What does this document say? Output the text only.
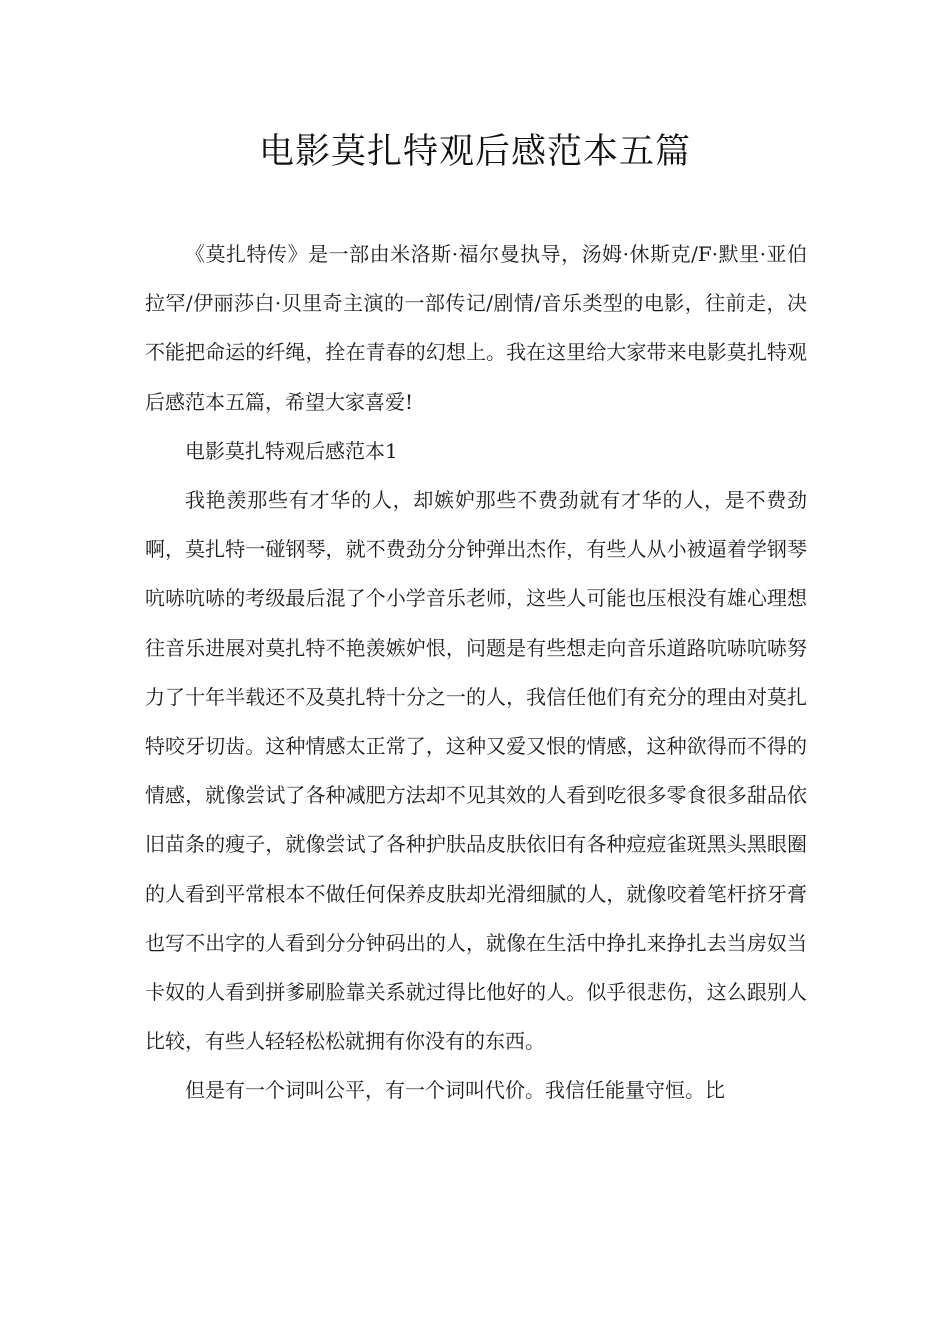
电影莫扎特观后感范本五篇

《莫扎特传》是一部由米洛斯·福尔曼执导，汤姆·休斯克/F·默里·亚伯拉罕/伊丽莎白·贝里奇主演的一部传记/剧情/音乐类型的电影，往前走，决不能把命运的纤绳，拴在青春的幻想上。我在这里给大家带来电影莫扎特观后感范本五篇，希望大家喜爱!

电影莫扎特观后感范本1

我艳羡那些有才华的人，却嫉妒那些不费劲就有才华的人，是不费劲啊，莫扎特一碰钢琴，就不费劲分分钟弹出杰作，有些人从小被逼着学钢琴吭哧吭哧的考级最后混了个小学音乐老师，这些人可能也压根没有雄心理想往音乐进展对莫扎特不艳羡嫉妒恨，问题是有些想走向音乐道路吭哧吭哧努力了十年半载还不及莫扎特十分之一的人，我信任他们有充分的理由对莫扎特咬牙切齿。这种情感太正常了，这种又爱又恨的情感，这种欲得而不得的情感，就像尝试了各种减肥方法却不见其效的人看到吃很多零食很多甜品依旧苗条的瘦子，就像尝试了各种护肤品皮肤依旧有各种痘痘雀斑黑头黑眼圈的人看到平常根本不做任何保养皮肤却光滑细腻的人，就像咬着笔杆挤牙膏也写不出字的人看到分分钟码出的人，就像在生活中挣扎来挣扎去当房奴当卡奴的人看到拼爹刷脸靠关系就过得比他好的人。似乎很悲伤，这么跟别人比较，有些人轻轻松松就拥有你没有的东西。

但是有一个词叫公平，有一个词叫代价。我信任能量守恒。比
